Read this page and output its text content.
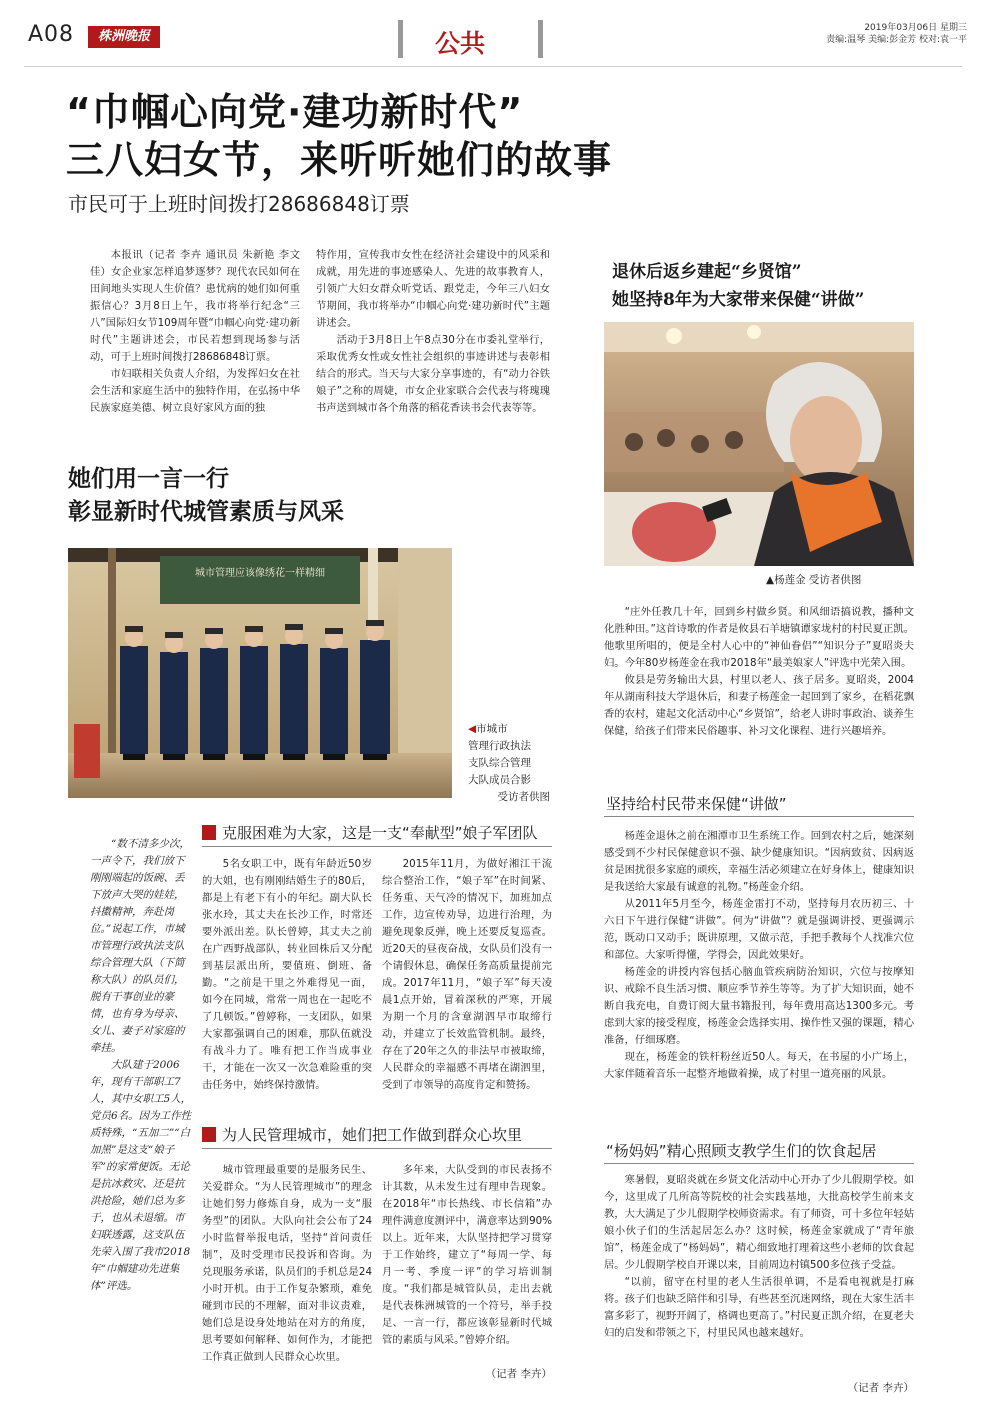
A08	株洲晚报	公共
2019年03月06日 星期三
责编:温琴 美编:彭金芳 校对:袁一平
“巾帼心向党·建功新时代”
三八妇女节，来听听她们的故事
市民可于上班时间拨打28686848订票

本报讯（记者 李卉 通讯员 朱新艳 李文佳）女企业家怎样追梦逐梦？现代农民如何在田间地头实现人生价值？患忧病的她们如何重振信心？3月8日上午，我市将举行纪念“三八”国际妇女节109周年暨“巾帼心向党·建功新时代”主题讲述会，市民若想到现场参与活动，可于上班时间拨打28686848订票。

市妇联相关负责人介绍，为发挥妇女在社会生活和家庭生活中的独特作用，在弘扬中华民族家庭美德、树立良好家风方面的独

特作用，宣传我市女性在经济社会建设中的风采和成就，用先进的事迹感染人、先进的故事教育人，引领广大妇女群众听党话、跟党走，今年三八妇女节期间，我市将举办“巾帼心向党·建功新时代”主题讲述会。

活动于3月8日上午8点30分在市委礼堂举行，采取优秀女性或女性社会组织的事迹讲述与表彰相结合的形式。当天与大家分享事迹的，有“动力谷铁娘子”之称的周婕，市女企业家联合会代表与将瑰瑰书声送到城市各个角落的稻花香读书会代表等等。

她们用一言一行
彰显新时代城管素质与风采
城市管理应该像绣花一样精细
◀市城市
管理行政执法
支队综合管理
大队成员合影
受访者供图

“数不清多少次，一声令下，我们放下刚刚端起的饭碗、丢下放声大哭的娃娃，抖擞精神，奔赴岗位。”说起工作，市城市管理行政执法支队综合管理大队（下简称大队）的队员们，脱有干事创业的豪情，也有身为母亲、女儿、妻子对家庭的牵挂。

大队建于2006年，现有干部职工7人，其中女职工5人，党员6名。因为工作性质特殊，“五加二”“白加黑”是这支“娘子军”的家常便饭。无论是抗冰救灾、还是抗洪抢险，她们总为多于，也从未退缩。市妇联透露，这支队伍先荣入围了我市2018年“巾帼建功先进集体”评选。

克服困难为大家，这是一支“奉献型”娘子军团队

5名女职工中，既有年龄近50岁的大姐，也有刚刚结婚生子的80后，都是上有老下有小的年纪。副大队长张水玲，其丈夫在长沙工作，时常还要外派出差。队长曾婷，其丈夫之前在广西野战部队，转业回株后又分配到基层派出所，要值班、倒班、备勤。“之前是干里之外难得见一面，如今在同城，常常一周也在一起吃不了几顿饭。”曾婷称，一支团队，如果大家都强调自己的困难，那队伍就没有战斗力了。唯有把工作当成事业干，才能在一次又一次急难险重的突击任务中，始终保持激情。

2015年11月，为做好湘江干流综合整治工作，“娘子军”在时间紧、任务重、天气冷的情况下，加班加点工作，边宣传劝导，边进行治理，为避免现象反弹，晚上还要反复巡查。近20天的昼夜奋战，女队员们没有一个请假休息，确保任务高质量提前完成。2017年11月，“娘子军”每天凌晨1点开始，冒着深秋的严寒，开展为期一个月的含章湖泗早市取缔行动，并建立了长效监管机制。最终，存在了20年之久的非法早市被取缔，人民群众的幸福感不再堵在湖泗里，受到了市领导的高度肯定和赞扬。

为人民管理城市，她们把工作做到群众心坎里

城市管理最重要的是服务民生、关爱群众。“为人民管理城市”的理念让她们努力修炼自身，成为一支“服务型”的团队。大队向社会公布了24小时监督举报电话，坚持“首问责任制”，及时受理市民投诉和咨询。为兑现服务承诺，队员们的手机总是24小时开机。由于工作复杂繁琐，难免碰到市民的不理解，面对非议责难，她们总是设身处地站在对方的角度，思考要如何解释、如何作为，才能把工作真正做到人民群众心坎里。

多年来，大队受到的市民表扬不计其数，从未发生过有理申告现象。在2018年“市长热线、市长信箱”办理件满意度测评中，满意率达到90%以上。近年来，大队坚持把学习贯穿于工作始终，建立了“每周一学、每月一考、季度一评”的学习培训制度。“我们都是城管队员，走出去就是代表株洲城管的一个符号，举手投足、一言一行，都应该彰显新时代城管的素质与风采。”曾婷介绍。

（记者 李卉）
退休后返乡建起“乡贤馆”
她坚持8年为大家带来保健“讲做”
▲杨莲金 受访者供图

“庄外任教几十年，回到乡村做乡贤。和风细语搞说教，播种文化胜种田。”这首诗歌的作者是攸县石羊塘镇谭家垅村的村民夏正凯。他歌里所唱的，便是全村人心中的“神仙眷侣”“知识分子”夏昭炎夫妇。今年80岁杨莲金在我市2018年“最美娘家人”评选中光荣入围。

攸县是劳务输出大县，村里以老人、孩子居多。夏昭炎，2004年从湖南科技大学退休后，和妻子杨莲金一起回到了家乡，在稻花飘香的农村，建起文化活动中心“乡贤馆”，给老人讲时事政治、谈养生保健，给孩子们带来民俗趣事、补习文化课程、进行兴趣培养。

坚持给村民带来保健“讲做”

杨莲金退休之前在湘潭市卫生系统工作。回到农村之后，她深刻感受到不少村民保健意识不强、缺少健康知识。“因病致贫、因病返贫是困扰很多家庭的顽疾，幸福生活必须建立在好身体上，健康知识是我送给大家最有诚意的礼物。”杨莲金介绍。

从2011年5月至今，杨莲金雷打不动，坚持每月农历初三、十六日下午进行保健“讲做”。何为“讲做”？就是强调讲授、更强调示范，既动口又动手；既讲原理，又做示范，手把手教每个人找准穴位和部位。大家听得懂，学得会，因此效果好。

杨莲金的讲授内容包括心脑血管疾病防治知识，穴位与按摩知识、戒除不良生活习惯、顺应季节养生等等。为了扩大知识面，她不断自我充电，自费订阅大量书籍报刊，每年费用高达1300多元。考虑到大家的接受程度，杨莲金会选择实用、操作性又强的课题，精心准备，仔细琢磨。

现在，杨莲金的铁杆粉丝近50人。每天，在书屋的小广场上，大家伴随着音乐一起整齐地做着操，成了村里一道亮丽的风景。

“杨妈妈”精心照顾支教学生们的饮食起居

寒暑假，夏昭炎就在乡贤文化活动中心开办了少儿假期学校。如今，这里成了几所高等院校的社会实践基地，大批高校学生前来支教，大大满足了少儿假期学校师资需求。有了师资，可十多位年轻姑娘小伙子们的生活起居怎么办？这时候，杨莲金家就成了“青年旅馆”，杨莲金成了“杨妈妈”，精心细致地打理着这些小老师的饮食起居。少儿假期学校自开课以来，目前周边村镇500多位孩子受益。

“以前，留守在村里的老人生活很单调，不是看电视就是打麻将。孩子们也缺乏陪伴和引导，有些甚至沉迷网络，现在大家生活丰富多彩了，视野开阔了，格调也更高了。”村民夏正凯介绍，在夏老夫妇的启发和带领之下，村里民风也越来越好。

（记者 李卉）
